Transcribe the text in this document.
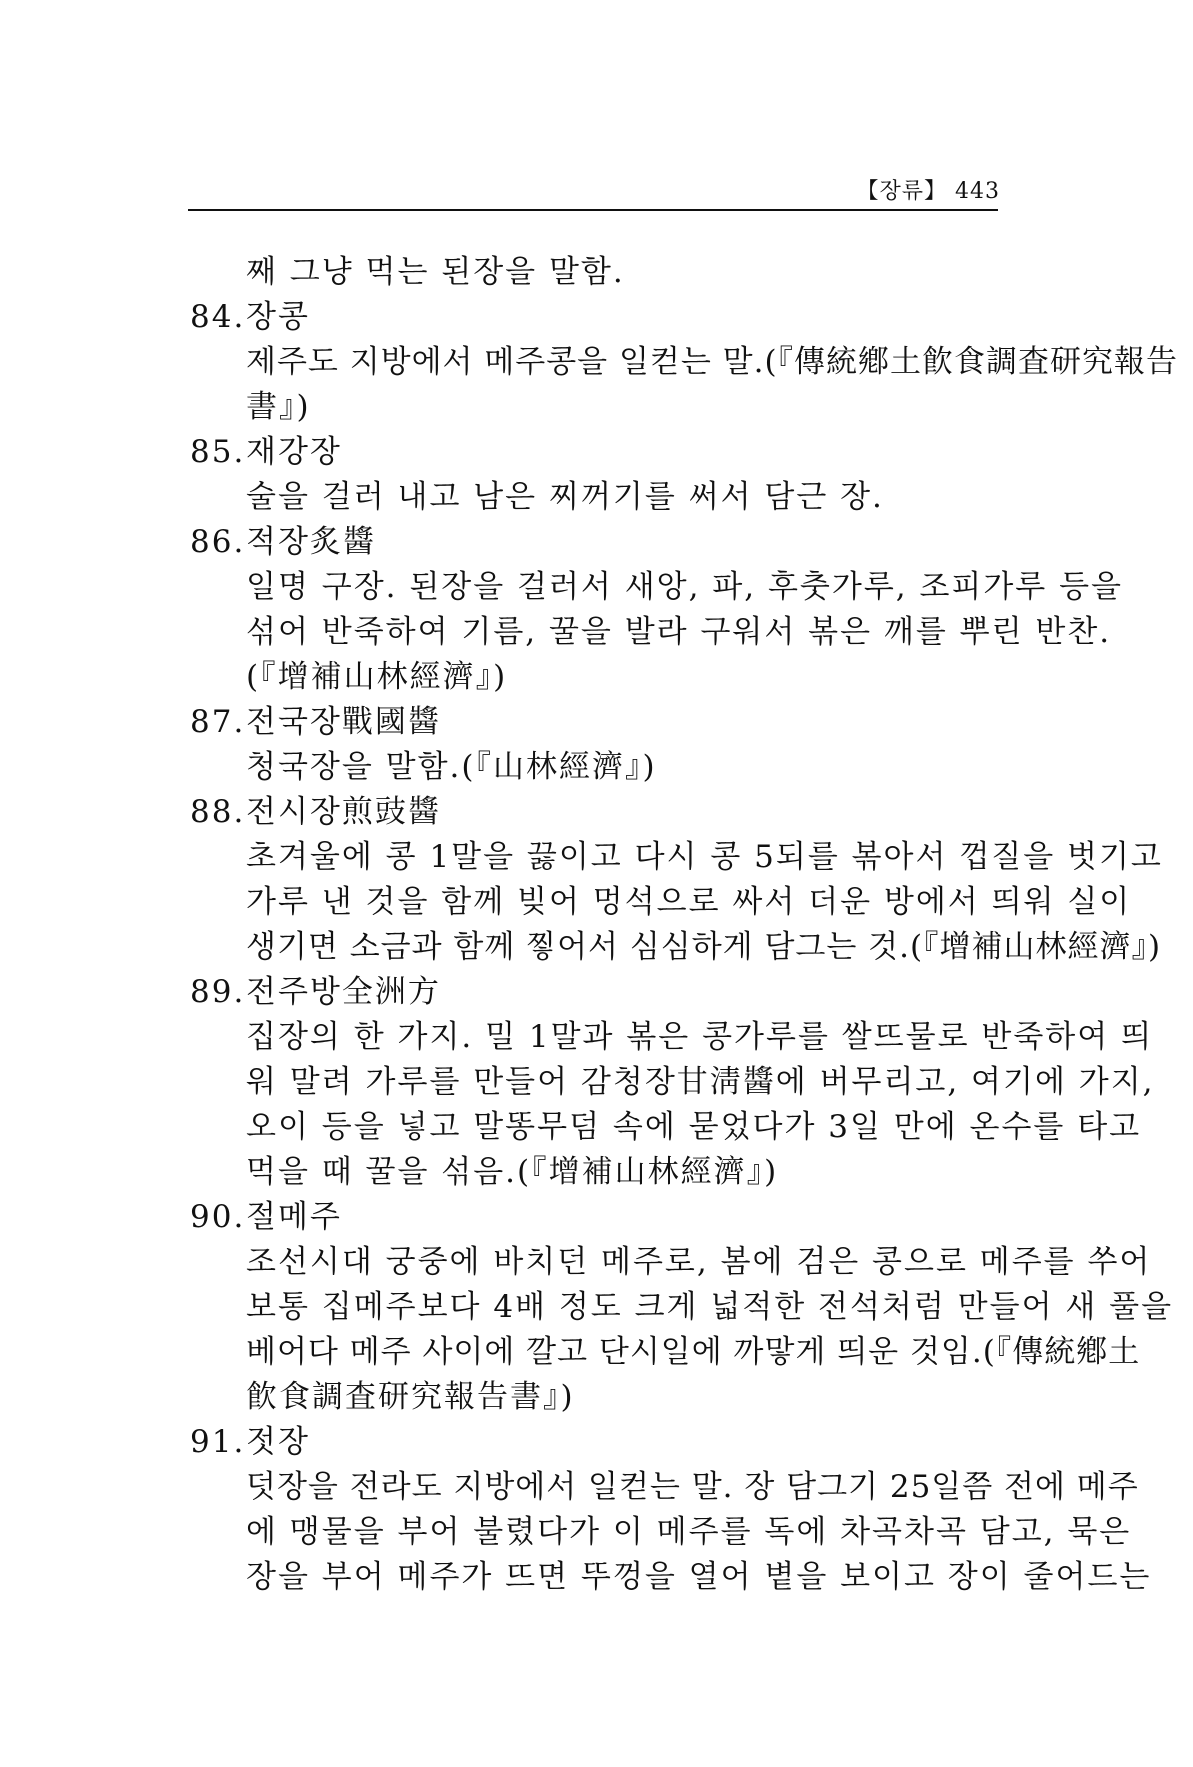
【장류】 443
째 그냥 먹는 된장을 말함.
84.장콩
제주도 지방에서 메주콩을 일컫는 말.(『傳統鄕土飮食調査研究報告
書』)
85.재강장
술을 걸러 내고 남은 찌꺼기를 써서 담근 장.
86.적장炙醬
일명 구장. 된장을 걸러서 새앙, 파, 후춧가루, 조피가루 등을
섞어 반죽하여 기름, 꿀을 발라 구워서 볶은 깨를 뿌린 반찬.
(『增補山林經濟』)
87.전국장戰國醬
청국장을 말함.(『山林經濟』)
88.전시장煎豉醬
초겨울에 콩 1말을 끓이고 다시 콩 5되를 볶아서 껍질을 벗기고
가루 낸 것을 함께 빚어 멍석으로 싸서 더운 방에서 띄워 실이
생기면 소금과 함께 찧어서 심심하게 담그는 것.(『增補山林經濟』)
89.전주방全洲方
집장의 한 가지. 밀 1말과 볶은 콩가루를 쌀뜨물로 반죽하여 띄
워 말려 가루를 만들어 감청장甘淸醬에 버무리고, 여기에 가지,
오이 등을 넣고 말똥무덤 속에 묻었다가 3일 만에 온수를 타고
먹을 때 꿀을 섞음.(『增補山林經濟』)
90.절메주
조선시대 궁중에 바치던 메주로, 봄에 검은 콩으로 메주를 쑤어
보통 집메주보다 4배 정도 크게 넓적한 전석처럼 만들어 새 풀을
베어다 메주 사이에 깔고 단시일에 까맣게 띄운 것임.(『傳統鄕土
飮食調査研究報告書』)
91.젓장
덧장을 전라도 지방에서 일컫는 말. 장 담그기 25일쯤 전에 메주
에 맹물을 부어 불렸다가 이 메주를 독에 차곡차곡 담고, 묵은
장을 부어 메주가 뜨면 뚜껑을 열어 볕을 보이고 장이 줄어드는
